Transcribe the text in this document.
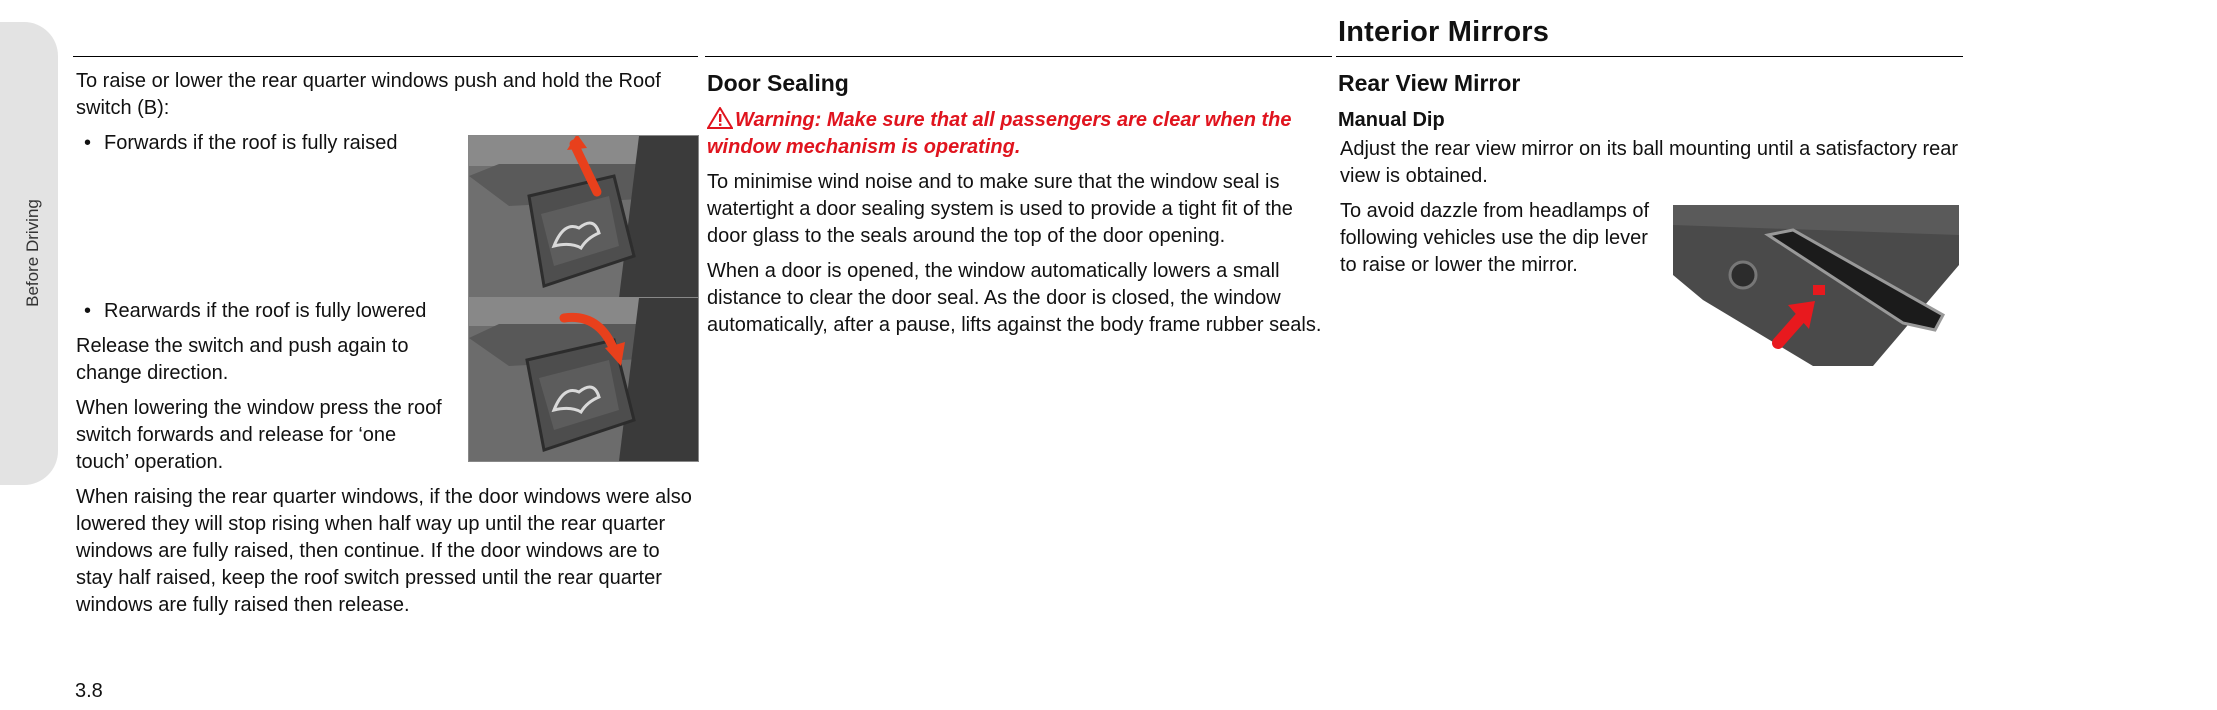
Before Driving
Interior Mirrors

To raise or lower the rear quarter windows push and hold the Roof switch (B):

• Forwards if the roof is fully raised

• Rearwards if the roof is fully lowered

Release the switch and push again to change direction.

When lowering the window press the roof switch forwards and release for ‘one touch’ operation.

When raising the rear quarter windows, if the door windows were also lowered they will stop rising when half way up until the rear quarter windows are fully raised, then continue. If the door windows are to stay half raised, keep the roof switch pressed until the rear quarter windows are fully raised then release.

Door Sealing

Warning: Make sure that all passengers are clear when the window mechanism is operating.

To minimise wind noise and to make sure that the window seal is watertight a door sealing system is used to provide a tight fit of the door glass to the seals around the top of the door opening.

When a door is opened, the window automatically lowers a small distance to clear the door seal. As the door is closed, the window automatically, after a pause, lifts against the body frame rubber seals.

Rear View Mirror
Manual Dip

Adjust the rear view mirror on its ball mounting until a satisfactory rear view is obtained.

To avoid dazzle from headlamps of following vehicles use the dip lever to raise or lower the mirror.

3.8
